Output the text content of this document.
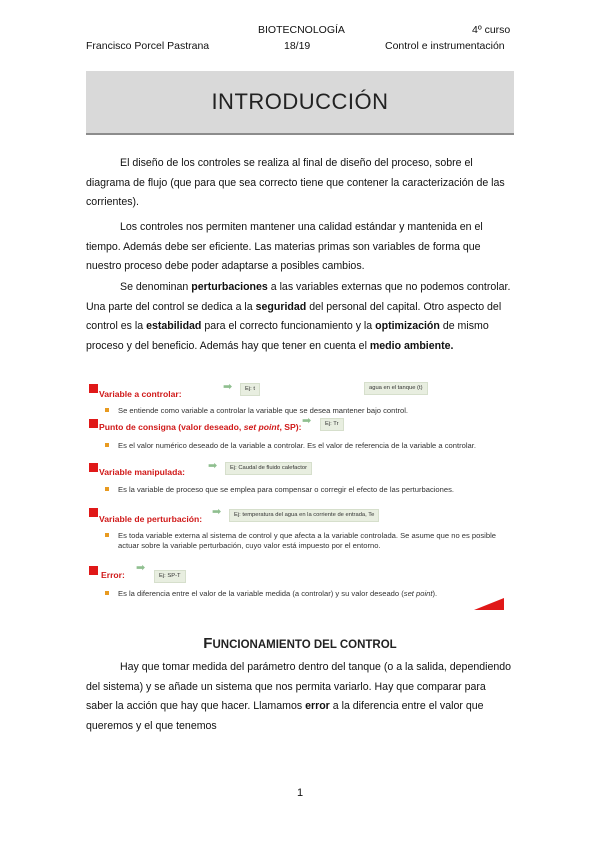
BIOTECNOLOGÍA	4º curso
Francisco Porcel Pastrana	18/19	Control e instrumentación
INTRODUCCIÓN

El diseño de los controles se realiza al final de diseño del proceso, sobre el diagrama de flujo (que para que sea correcto tiene que contener la caracterización de las corrientes).

Los controles nos permiten mantener una calidad estándar y mantenida en el tiempo. Además debe ser eficiente. Las materias primas son variables de forma que nuestro proceso debe poder adaptarse a posibles cambios.

Se denominan perturbaciones a las variables externas que no podemos controlar. Una parte del control se dedica a la seguridad del personal del capital. Otro aspecto del control es la estabilidad para el correcto funcionamiento y la optimización de mismo proceso y del beneficio. Además hay que tener en cuenta el medio ambiente.

Variable a controlar:
➡	Ej: t	agua en el tanque (t)
Se entiende como variable a controlar la variable que se desea mantener bajo control.
Punto de consigna (valor deseado, set point, SP): ➡	Ej: Tr
Es el valor numérico deseado de la variable a controlar. Es el valor de referencia de la variable a controlar.
Variable manipulada: ➡	Ej: Caudal de fluido calefactor
Es la variable de proceso que se emplea para compensar o corregir el efecto de las perturbaciones.
Variable de perturbación:
➡	Ej: temperatura del agua en la corriente de entrada, Te
Es toda variable externa al sistema de control y que afecta a la variable controlada. Se asume que no es posible actuar sobre la variable perturbación, cuyo valor está impuesto por el entorno.
Error:
➡
Ej: SP-T
Es la diferencia entre el valor de la variable medida (a controlar) y su valor deseado (set point).
FUNCIONAMIENTO DEL CONTROL

Hay que tomar medida del parámetro dentro del tanque (o a la salida, dependiendo del sistema) y se añade un sistema que nos permita variarlo. Hay que comparar para saber la acción que hay que hacer. Llamamos error a la diferencia entre el valor que queremos y el que tenemos

1
